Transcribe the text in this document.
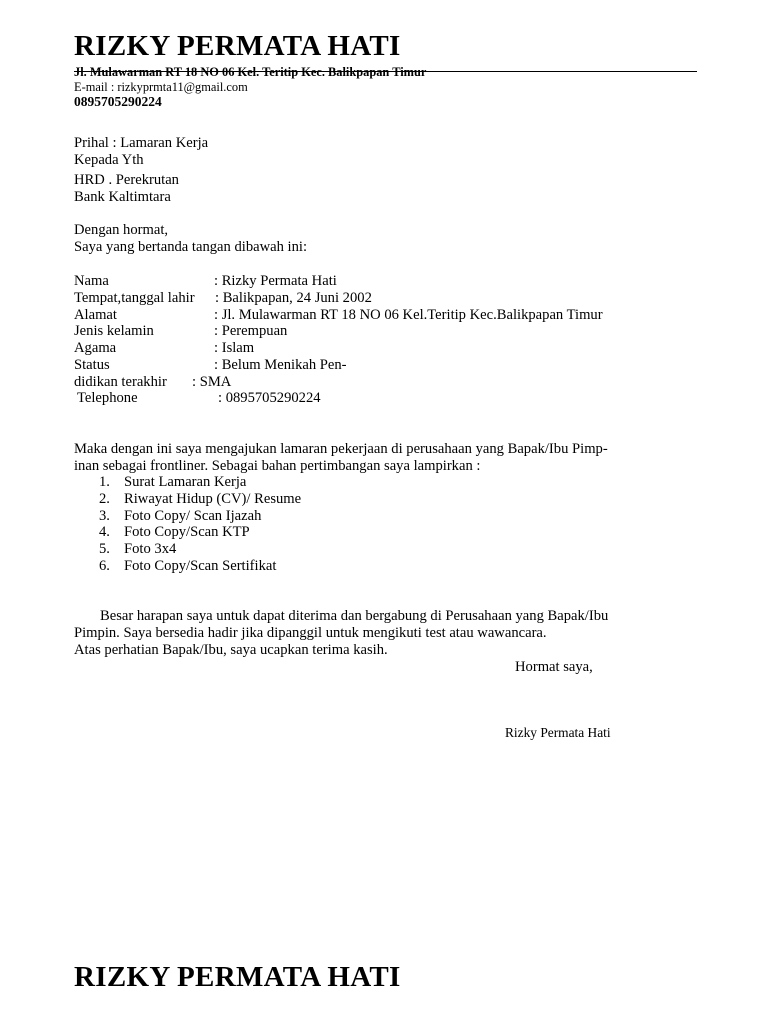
RIZKY PERMATA HATI
Jl. Mulawarman RT 18 NO 06 Kel. Teritip Kec. Balikpapan Timur
E-mail : rizkyprmta11@gmail.com
0895705290224
Prihal : Lamaran Kerja
Kepada Yth
HRD . Perekrutan
Bank Kaltimtara
Dengan hormat,
Saya yang bertanda tangan dibawah ini:
Nama	: Rizky Permata Hati
Tempat,tanggal lahir : Balikpapan, 24 Juni 2002
Alamat	: Jl. Mulawarman RT 18 NO 06 Kel.Teritip Kec.Balikpapan Timur
Jenis kelamin	: Perempuan
Agama	: Islam
Status	: Belum Menikah Pen-
didikan terakhir : SMA
Telephone	: 0895705290224
Maka dengan ini saya mengajukan lamaran pekerjaan di perusahaan yang Bapak/Ibu Pimp-
inan sebagai frontliner. Sebagai bahan pertimbangan saya lampirkan :
1. Surat Lamaran Kerja
2. Riwayat Hidup (CV)/ Resume
3. Foto Copy/ Scan Ijazah
4. Foto Copy/Scan KTP
5. Foto 3x4
6. Foto Copy/Scan Sertifikat
Besar harapan saya untuk dapat diterima dan bergabung di Perusahaan yang Bapak/Ibu
Pimpin. Saya bersedia hadir jika dipanggil untuk mengikuti test atau wawancara.
Atas perhatian Bapak/Ibu, saya ucapkan terima kasih.
Hormat saya,
Rizky Permata Hati
RIZKY PERMATA HATI
